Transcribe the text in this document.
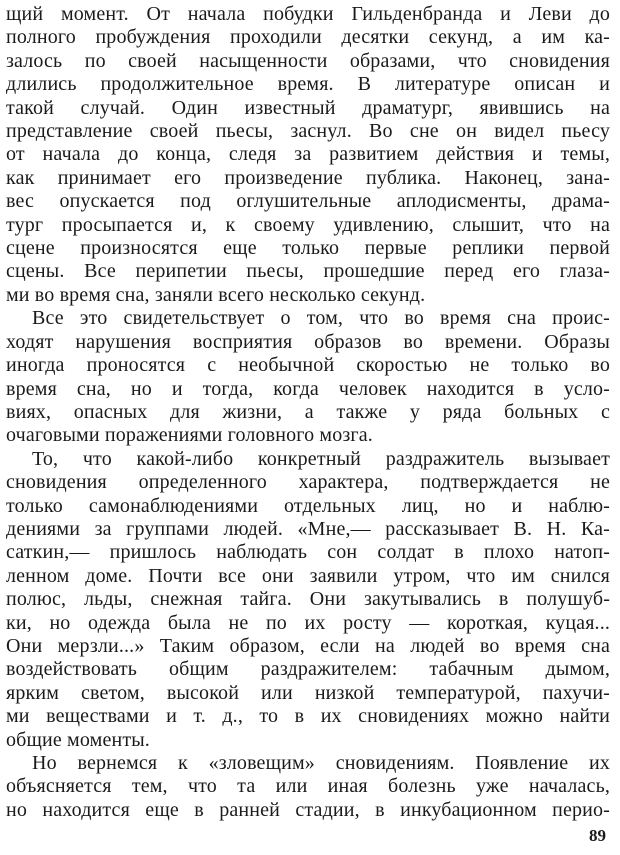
щий момент. От начала побудки Гильденбранда и Леви до
полного пробуждения проходили десятки секунд, а им ка-
залось по своей насыщенности образами, что сновидения
длились продолжительное время. В литературе описан и
такой случай. Один известный драматург, явившись на
представление своей пьесы, заснул. Во сне он видел пьесу
от начала до конца, следя за развитием действия и темы,
как принимает его произведение публика. Наконец, зана-
вес опускается под оглушительные аплодисменты, драма-
тург просыпается и, к своему удивлению, слышит, что на
сцене произносятся еще только первые реплики первой
сцены. Все перипетии пьесы, прошедшие перед его глаза-
ми во время сна, заняли всего несколько секунд.
Все это свидетельствует о том, что во время сна проис-
ходят нарушения восприятия образов во времени. Образы
иногда проносятся с необычной скоростью не только во
время сна, но и тогда, когда человек находится в усло-
виях, опасных для жизни, а также у ряда больных с
очаговыми поражениями головного мозга.
То, что какой-либо конкретный раздражитель вызывает
сновидения определенного характера, подтверждается не
только самонаблюдениями отдельных лиц, но и наблю-
дениями за группами людей. «Мне,— рассказывает В. Н. Ка-
саткин,— пришлось наблюдать сон солдат в плохо натоп-
ленном доме. Почти все они заявили утром, что им снился
полюс, льды, снежная тайга. Они закутывались в полушуб-
ки, но одежда была не по их росту — короткая, куцая...
Они мерзли...» Таким образом, если на людей во время сна
воздействовать общим раздражителем: табачным дымом,
ярким светом, высокой или низкой температурой, пахучи-
ми веществами и т. д., то в их сновидениях можно найти
общие моменты.
Но вернемся к «зловещим» сновидениям. Появление их
объясняется тем, что та или иная болезнь уже началась,
но находится еще в ранней стадии, в инкубационном перио-
89
